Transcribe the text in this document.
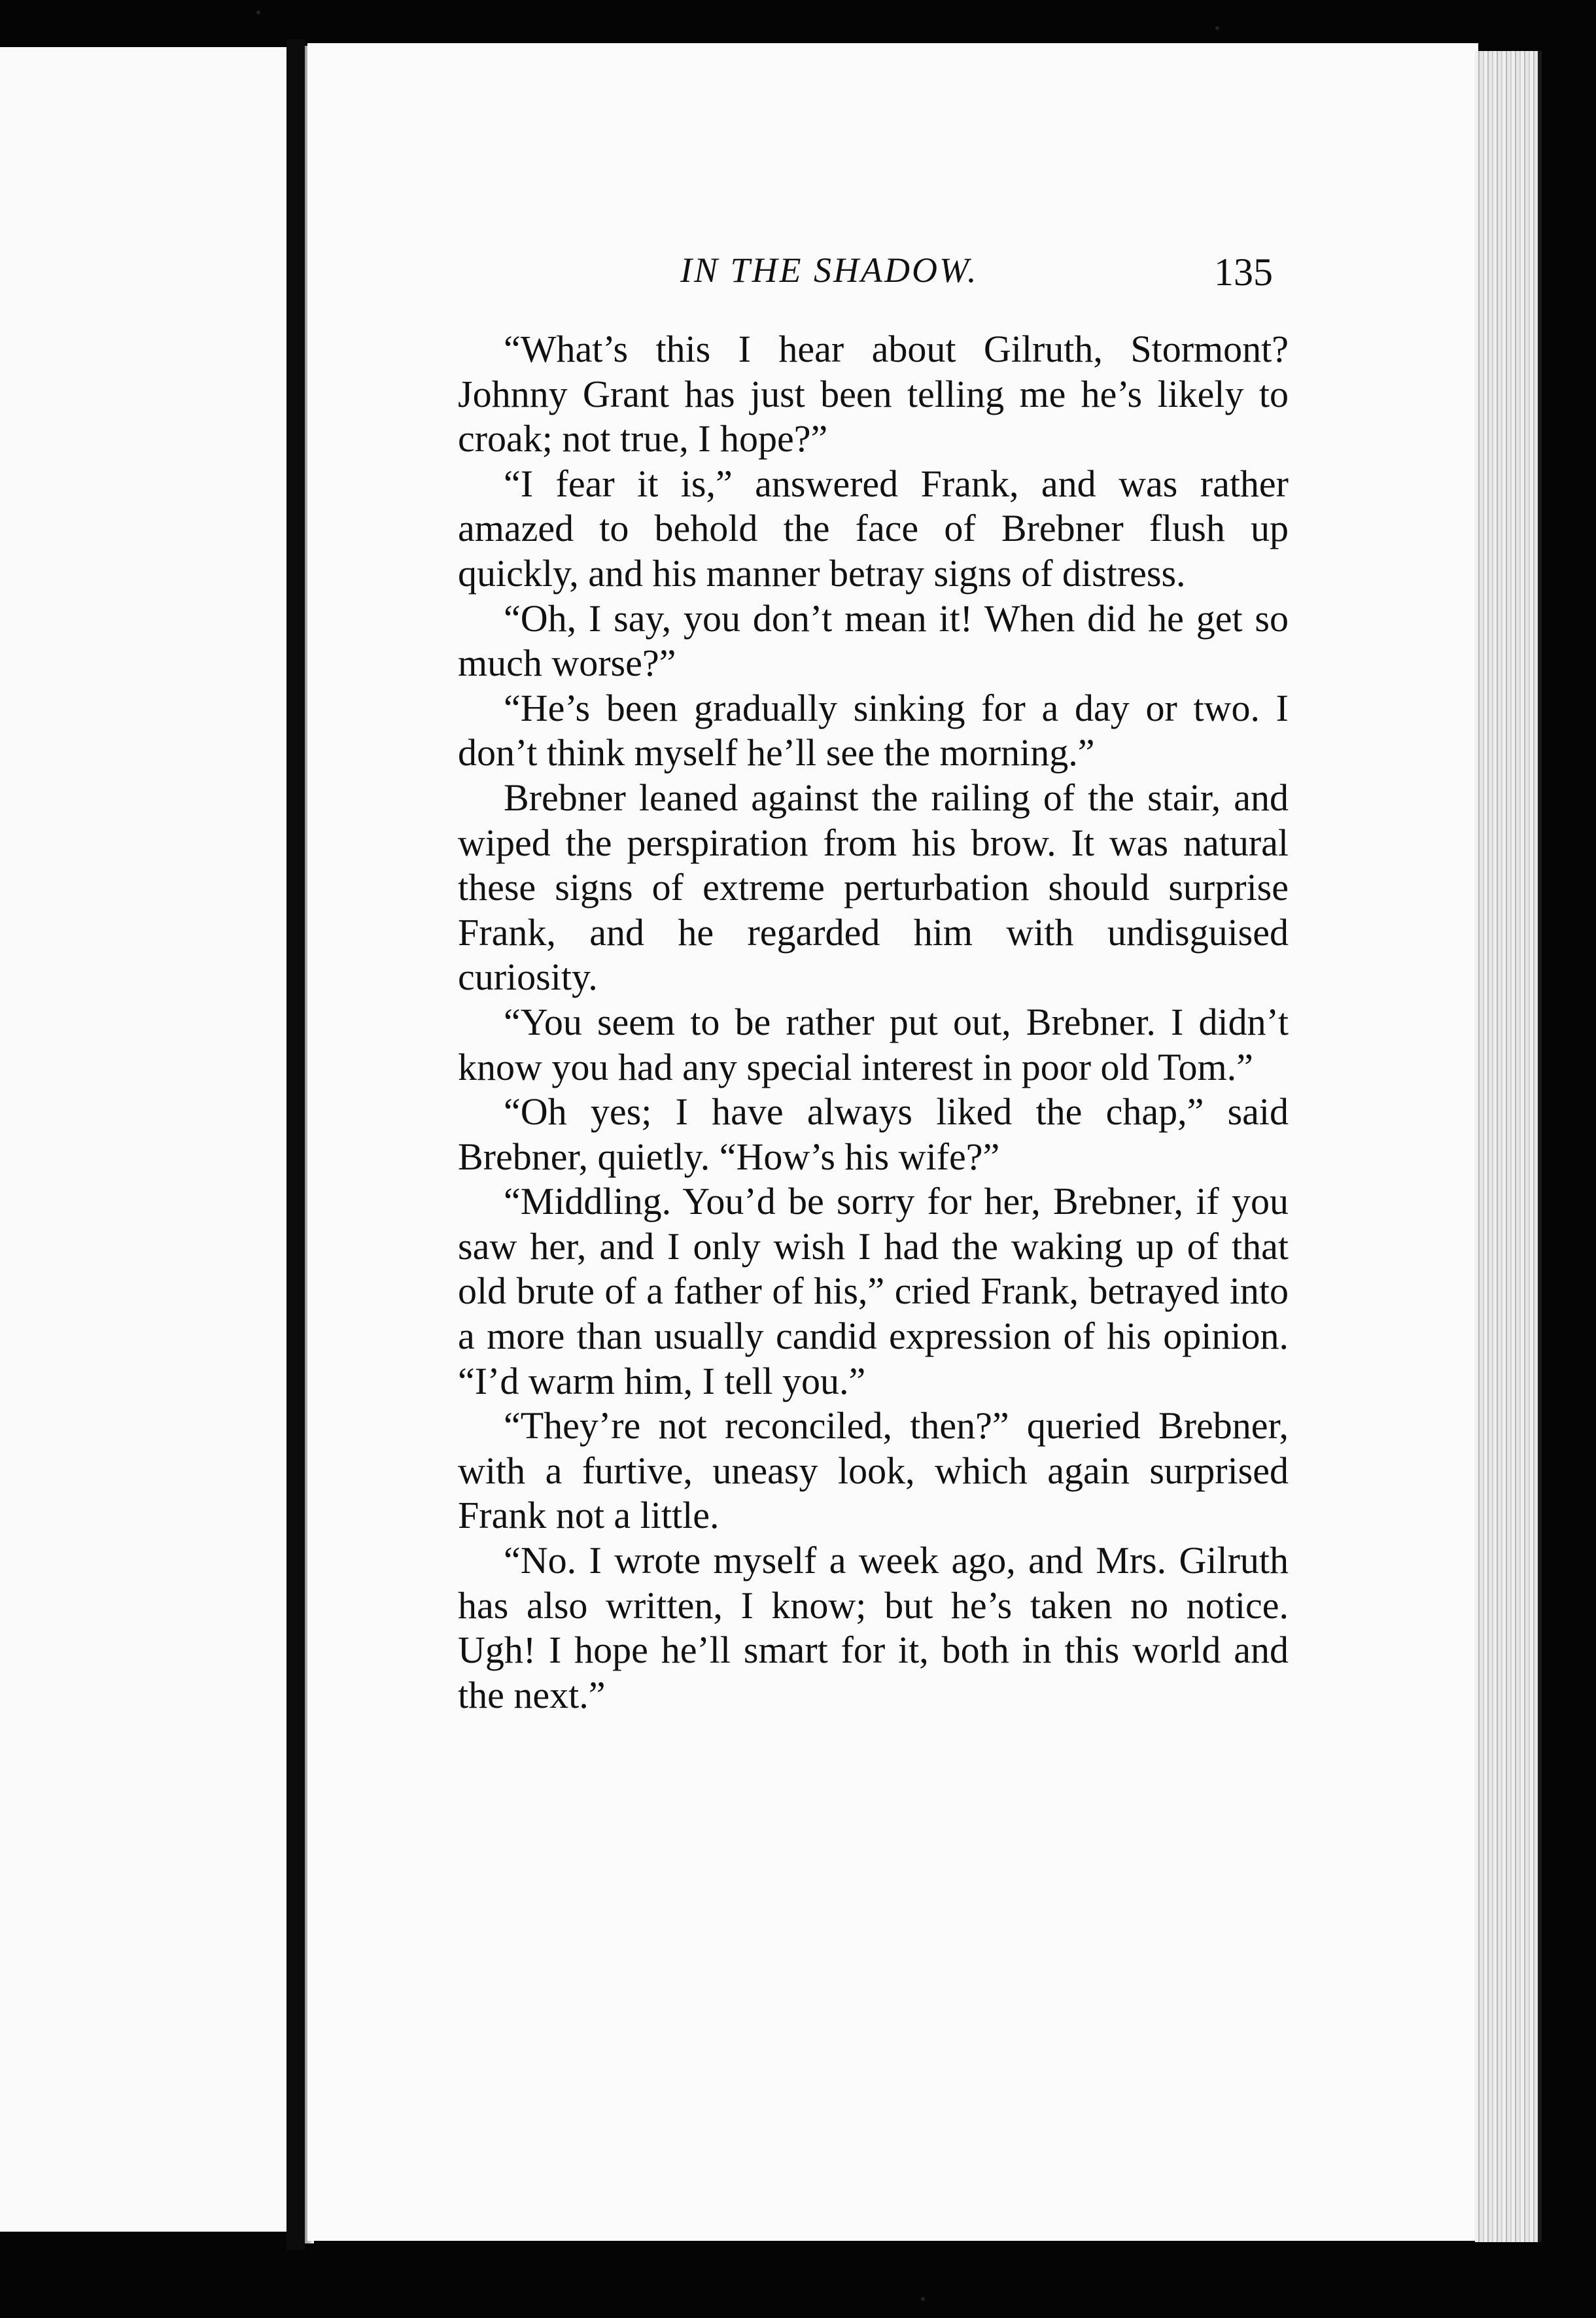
IN THE SHADOW.	135

“What’s this I hear about Gilruth, Stormont? Johnny Grant has just been telling me he’s likely to croak; not true, I hope?”

“I fear it is,” answered Frank, and was rather amazed to behold the face of Brebner flush up quickly, and his manner betray signs of distress.

“Oh, I say, you don’t mean it! When did he get so much worse?”

“He’s been gradually sinking for a day or two. I don’t think myself he’ll see the morning.”

Brebner leaned against the railing of the stair, and wiped the perspiration from his brow. It was natural these signs of extreme perturbation should surprise Frank, and he regarded him with undisguised curiosity.

“You seem to be rather put out, Brebner. I didn’t know you had any special interest in poor old Tom.”

“Oh yes; I have always liked the chap,” said Brebner, quietly. “How’s his wife?”

“Middling. You’d be sorry for her, Brebner, if you saw her, and I only wish I had the waking up of that old brute of a father of his,” cried Frank, betrayed into a more than usually candid expression of his opinion. “I’d warm him, I tell you.”

“They’re not reconciled, then?” queried Brebner, with a furtive, uneasy look, which again surprised Frank not a little.

“No. I wrote myself a week ago, and Mrs. Gilruth has also written, I know; but he’s taken no notice. Ugh! I hope he’ll smart for it, both in this world and the next.”
